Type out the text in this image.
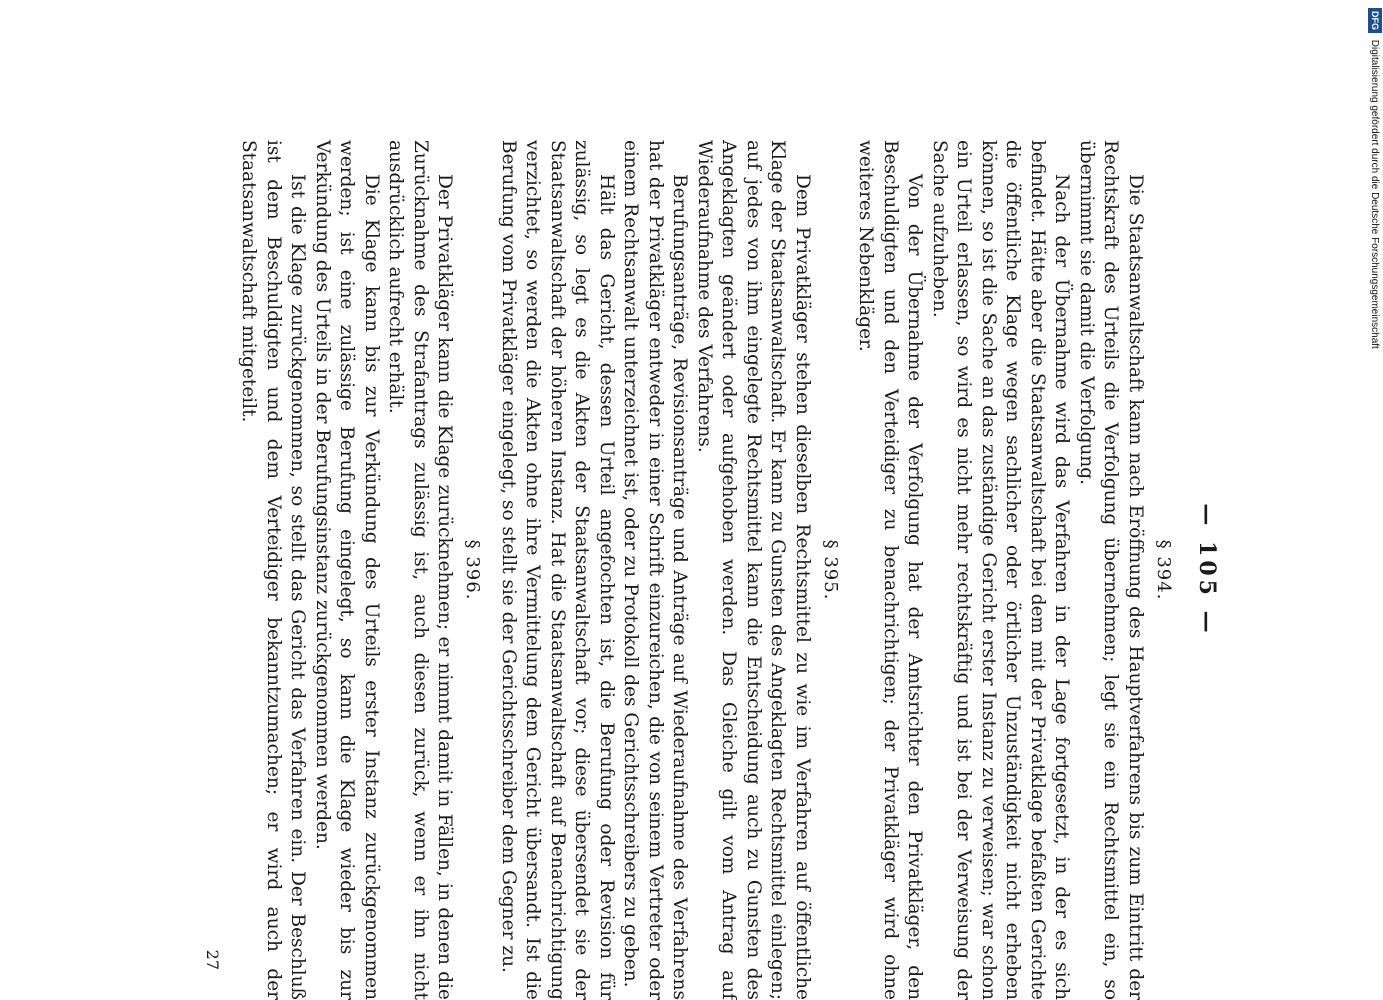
— 105 —
§ 394.

Die Staatsanwaltschaft kann nach Eröffnung des Hauptverfahrens bis zum Eintritt der Rechtskraft des Urteils die Verfolgung übernehmen; legt sie ein Rechtsmittel ein, so übernimmt sie damit die Verfolgung.

Nach der Übernahme wird das Verfahren in der Lage fortgesetzt, in der es sich befindet. Hätte aber die Staatsanwaltschaft bei dem mit der Privatklage befaßten Gerichte die öffentliche Klage wegen sachlicher oder örtlicher Unzuständigkeit nicht erheben können, so ist die Sache an das zuständige Gericht erster Instanz zu verweisen; war schon ein Urteil erlassen, so wird es nicht mehr rechtskräftig und ist bei der Verweisung der Sache aufzuheben.

Von der Übernahme der Verfolgung hat der Amtsrichter den Privatkläger, den Beschuldigten und den Verteidiger zu benachrichtigen; der Privatkläger wird ohne weiteres Nebenkläger.

§ 395.

Dem Privatkläger stehen dieselben Rechtsmittel zu wie im Verfahren auf öffentliche Klage der Staatsanwaltschaft. Er kann zu Gunsten des Angeklagten Rechtsmittel einlegen; auf jedes von ihm eingelegte Rechtsmittel kann die Entscheidung auch zu Gunsten des Angeklagten geändert oder aufgehoben werden. Das Gleiche gilt vom Antrag auf Wiederaufnahme des Verfahrens.

Berufungsanträge, Revisionsanträge und Anträge auf Wiederaufnahme des Verfahrens hat der Privatkläger entweder in einer Schrift einzureichen, die von seinem Vertreter oder einem Rechtsanwalt unterzeichnet ist, oder zu Protokoll des Gerichtsschreibers zu geben.

Hält das Gericht, dessen Urteil angefochten ist, die Berufung oder Revision für zulässig, so legt es die Akten der Staatsanwaltschaft vor; diese übersendet sie der Staatsanwaltschaft der höheren Instanz. Hat die Staatsanwaltschaft auf Benachrichtigung verzichtet, so werden die Akten ohne ihre Vermittelung dem Gericht übersandt. Ist die Berufung vom Privatkläger eingelegt, so stellt sie der Gerichtsschreiber dem Gegner zu.

§ 396.

Der Privatkläger kann die Klage zurücknehmen; er nimmt damit in Fällen, in denen die Zurücknahme des Strafantrags zulässig ist, auch diesen zurück, wenn er ihn nicht ausdrücklich aufrecht erhält.

Die Klage kann bis zur Verkündung des Urteils erster Instanz zurückgenommen werden; ist eine zulässige Berufung eingelegt, so kann die Klage wieder bis zur Verkündung des Urteils in der Berufungsinstanz zurückgenommen werden.

Ist die Klage zurückgenommen, so stellt das Gericht das Verfahren ein. Der Beschluß ist dem Beschuldigten und dem Verteidiger bekanntzumachen; er wird auch der Staatsanwaltschaft mitgeteilt.

27
DFG Digitalisierung gefördert durch die Deutsche Forschungsgemeinschaft
